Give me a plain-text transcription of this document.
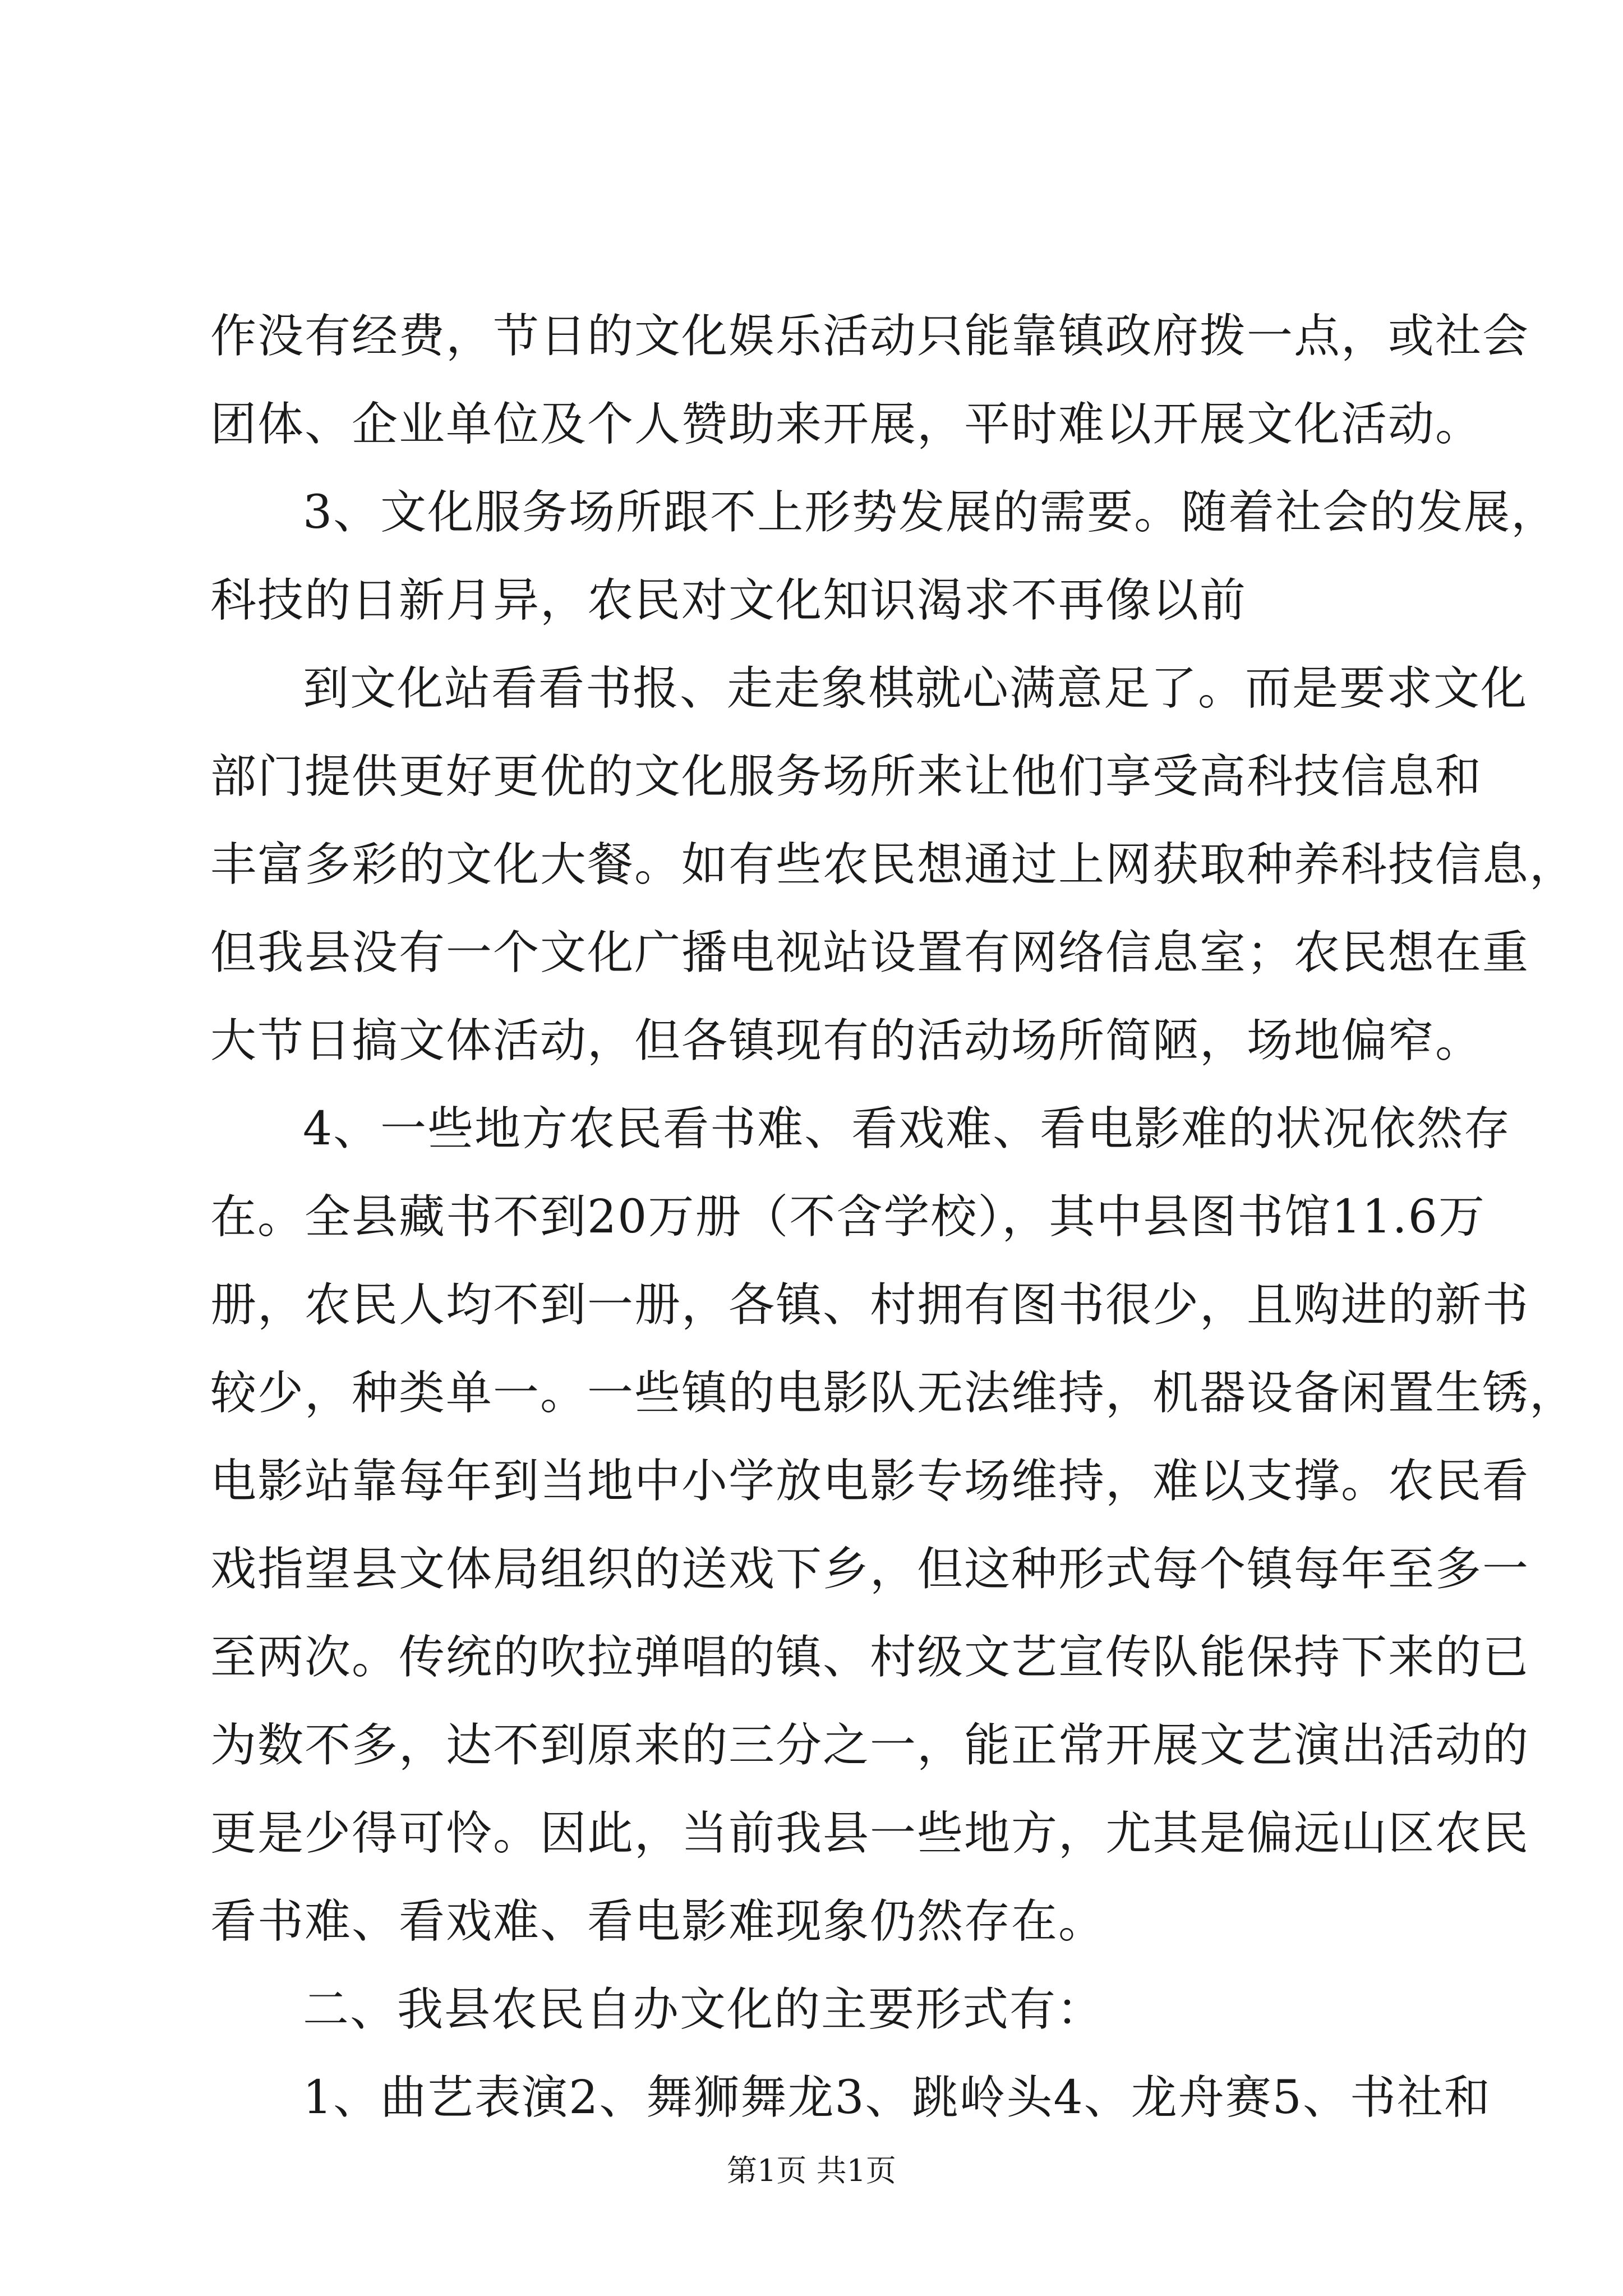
作没有经费，节日的文化娱乐活动只能靠镇政府拨一点，或社会
团体、企业单位及个人赞助来开展，平时难以开展文化活动。
3、文化服务场所跟不上形势发展的需要。随着社会的发展，
科技的日新月异，农民对文化知识渴求不再像以前
到文化站看看书报、走走象棋就心满意足了。而是要求文化
部门提供更好更优的文化服务场所来让他们享受高科技信息和
丰富多彩的文化大餐。如有些农民想通过上网获取种养科技信息，
但我县没有一个文化广播电视站设置有网络信息室；农民想在重
大节日搞文体活动，但各镇现有的活动场所简陋，场地偏窄。
4、一些地方农民看书难、看戏难、看电影难的状况依然存
在。全县藏书不到20万册（不含学校），其中县图书馆11.6万
册，农民人均不到一册，各镇、村拥有图书很少，且购进的新书
较少，种类单一。一些镇的电影队无法维持，机器设备闲置生锈，
电影站靠每年到当地中小学放电影专场维持，难以支撑。农民看
戏指望县文体局组织的送戏下乡，但这种形式每个镇每年至多一
至两次。传统的吹拉弹唱的镇、村级文艺宣传队能保持下来的已
为数不多，达不到原来的三分之一，能正常开展文艺演出活动的
更是少得可怜。因此，当前我县一些地方，尤其是偏远山区农民
看书难、看戏难、看电影难现象仍然存在。
二、我县农民自办文化的主要形式有：
1、曲艺表演2、舞狮舞龙3、跳岭头4、龙舟赛5、书社和
第1页 共1页
